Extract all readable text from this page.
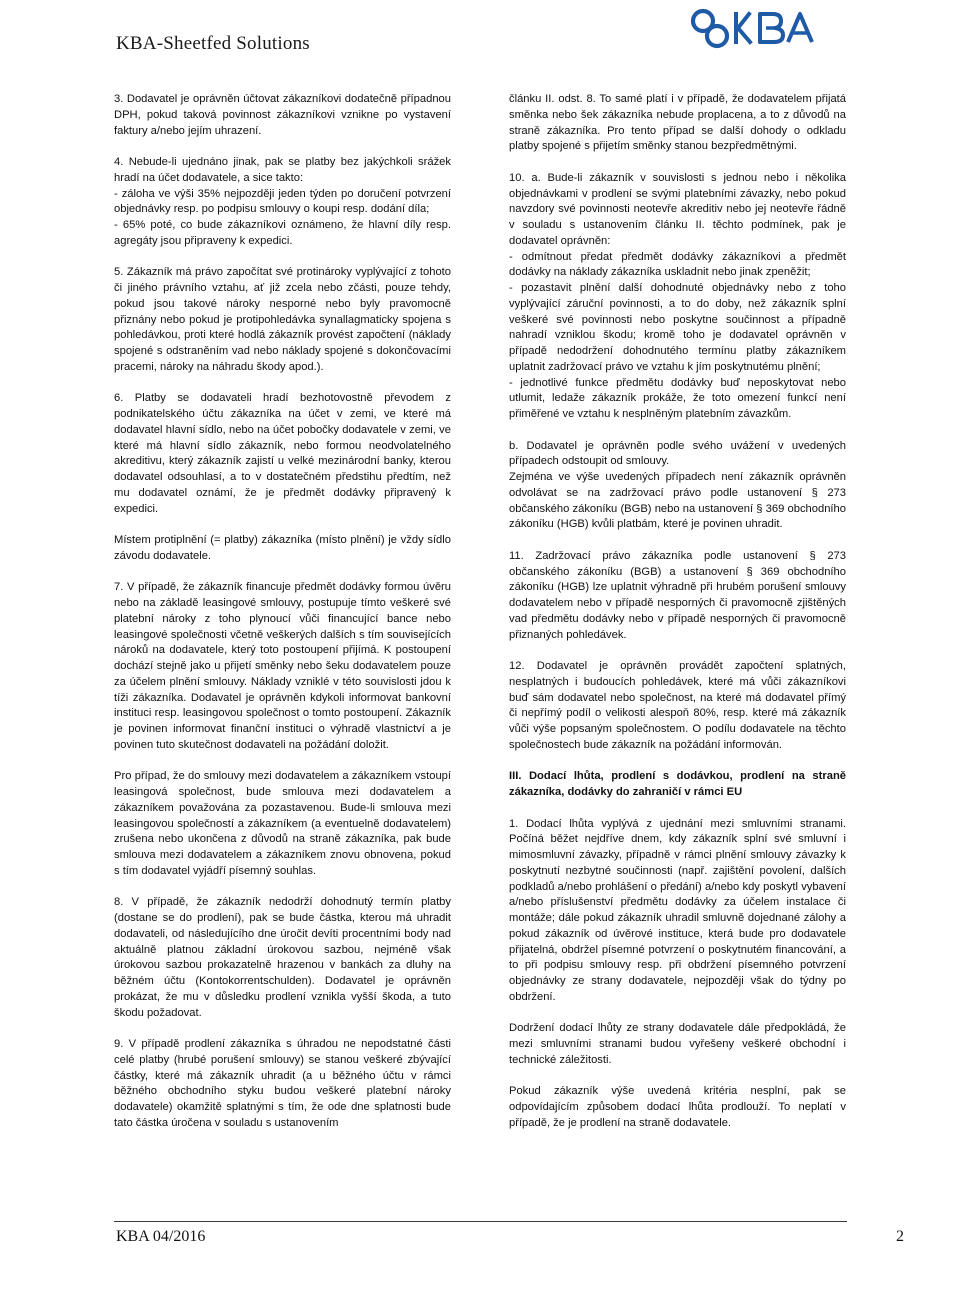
KBA-Sheetfed Solutions

3. Dodavatel je oprávněn účtovat zákazníkovi dodatečně případnou DPH, pokud taková povinnost zákazníkovi vznikne po vystavení faktury a/nebo jejím uhrazení.

4. Nebude-li ujednáno jinak, pak se platby bez jakýchkoli srážek hradí na účet dodavatele, a sice takto:
- záloha ve výši 35% nejpozději jeden týden po doručení potvrzení objednávky resp. po podpisu smlouvy o koupi resp. dodání díla;
- 65% poté, co bude zákazníkovi oznámeno, že hlavní díly resp. agregáty jsou připraveny k expedici.

5. Zákazník má právo započítat své protinároky vyplývající z tohoto či jiného právního vztahu, ať již zcela nebo zčásti, pouze tehdy, pokud jsou takové nároky nesporné nebo byly pravomocně přiznány nebo pokud je protipohledávka synallagmaticky spojena s pohledávkou, proti které hodlá zákazník provést započtení (náklady spojené s odstraněním vad nebo náklady spojené s dokončovacími pracemi, nároky na náhradu škody apod.).

6. Platby se dodavateli hradí bezhotovostně převodem z podnikatelského účtu zákazníka na účet v zemi, ve které má dodavatel hlavní sídlo, nebo na účet pobočky dodavatele v zemi, ve které má hlavní sídlo zákazník, nebo formou neodvolatelného akreditivu, který zákazník zajistí u velké mezinárodní banky, kterou dodavatel odsouhlasí, a to v dostatečném předstihu předtím, než mu dodavatel oznámí, že je předmět dodávky připravený k expedici.

Místem protiplnění (= platby) zákazníka (místo plnění) je vždy sídlo závodu dodavatele.

7. V případě, že zákazník financuje předmět dodávky formou úvěru nebo na základě leasingové smlouvy, postupuje tímto veškeré své platební nároky z toho plynoucí vůči financující bance nebo leasingové společnosti včetně veškerých dalších s tím souvisejících nároků na dodavatele, který toto postoupení přijímá. K postoupení dochází stejně jako u přijetí směnky nebo šeku dodavatelem pouze za účelem plnění smlouvy. Náklady vzniklé v této souvislosti jdou k tíži zákazníka. Dodavatel je oprávněn kdykoli informovat bankovní instituci resp. leasingovou společnost o tomto postoupení. Zákazník je povinen informovat finanční instituci o výhradě vlastnictví a je povinen tuto skutečnost dodavateli na požádání doložit.

Pro případ, že do smlouvy mezi dodavatelem a zákazníkem vstoupí leasingová společnost, bude smlouva mezi dodavatelem a zákazníkem považována za pozastavenou. Bude-li smlouva mezi leasingovou společností a zákazníkem (a eventuelně dodavatelem) zrušena nebo ukončena z důvodů na straně zákazníka, pak bude smlouva mezi dodavatelem a zákazníkem znovu obnovena, pokud s tím dodavatel vyjádří písemný souhlas.

8. V případě, že zákazník nedodrží dohodnutý termín platby (dostane se do prodlení), pak se bude částka, kterou má uhradit dodavateli, od následujícího dne úročit devíti procentními body nad aktuálně platnou základní úrokovou sazbou, nejméně však úrokovou sazbou prokazatelně hrazenou v bankách za dluhy na běžném účtu (Kontokorrentschulden). Dodavatel je oprávněn prokázat, že mu v důsledku prodlení vznikla vyšší škoda, a tuto škodu požadovat.

9. V případě prodlení zákazníka s úhradou ne nepodstatné části celé platby (hrubé porušení smlouvy) se stanou veškeré zbývající částky, které má zákazník uhradit (a u běžného účtu v rámci běžného obchodního styku budou veškeré platební nároky dodavatele) okamžitě splatnými s tím, že ode dne splatnosti bude tato částka úročena v souladu s ustanovením

článku II. odst. 8. To samé platí i v případě, že dodavatelem přijatá směnka nebo šek zákazníka nebude proplacena, a to z důvodů na straně zákazníka. Pro tento případ se další dohody o odkladu platby spojené s přijetím směnky stanou bezpředmětnými.

10. a. Bude-li zákazník v souvislosti s jednou nebo i několika objednávkami v prodlení se svými platebními závazky, nebo pokud navzdory své povinnosti neotevře akreditiv nebo jej neotevře řádně v souladu s ustanovením článku II. těchto podmínek, pak je dodavatel oprávněn:
- odmítnout předat předmět dodávky zákazníkovi a předmět dodávky na náklady zákazníka uskladnit nebo jinak zpeněžit;
- pozastavit plnění další dohodnuté objednávky nebo z toho vyplývající záruční povinnosti, a to do doby, než zákazník splní veškeré své povinnosti nebo poskytne součinnost a případně nahradí vzniklou škodu; kromě toho je dodavatel oprávněn v případě nedodržení dohodnutého termínu platby zákazníkem uplatnit zadržovací právo ve vztahu k jím poskytnutému plnění;
- jednotlivé funkce předmětu dodávky buď neposkytovat nebo utlumit, ledaže zákazník prokáže, že toto omezení funkcí není přiměřené ve vztahu k nesplněným platebním závazkům.

b. Dodavatel je oprávněn podle svého uvážení v uvedených případech odstoupit od smlouvy.
Zejména ve výše uvedených případech není zákazník oprávněn odvolávat se na zadržovací právo podle ustanovení § 273 občanského zákoníku (BGB) nebo na ustanovení § 369 obchodního zákoníku (HGB) kvůli platbám, které je povinen uhradit.

11. Zadržovací právo zákazníka podle ustanovení § 273 občanského zákoníku (BGB) a ustanovení § 369 obchodního zákoníku (HGB) lze uplatnit výhradně při hrubém porušení smlouvy dodavatelem nebo v případě nesporných či pravomocně zjištěných vad předmětu dodávky nebo v případě nesporných či pravomocně přiznaných pohledávek.

12. Dodavatel je oprávněn provádět započtení splatných, nesplatných i budoucích pohledávek, které má vůči zákazníkovi buď sám dodavatel nebo společnost, na které má dodavatel přímý či nepřímý podíl o velikosti alespoň 80%, resp. které má zákazník vůči výše popsaným společnostem. O podílu dodavatele na těchto společnostech bude zákazník na požádání informován.

III. Dodací lhůta, prodlení s dodávkou, prodlení na straně zákazníka, dodávky do zahraničí v rámci EU

1. Dodací lhůta vyplývá z ujednání mezi smluvními stranami. Počíná běžet nejdříve dnem, kdy zákazník splní své smluvní i mimosmluvní závazky, případně v rámci plnění smlouvy závazky k poskytnutí nezbytné součinnosti (např. zajištění povolení, dalších podkladů a/nebo prohlášení o předání) a/nebo kdy poskytl vybavení a/nebo příslušenství předmětu dodávky za účelem instalace či montáže; dále pokud zákazník uhradil smluvně dojednané zálohy a pokud zákazník od úvěrové instituce, která bude pro dodavatele přijatelná, obdržel písemné potvrzení o poskytnutém financování, a to při podpisu smlouvy resp. při obdržení písemného potvrzení objednávky ze strany dodavatele, nejpozději však do týdny po obdržení.

Dodržení dodací lhůty ze strany dodavatele dále předpokládá, že mezi smluvními stranami budou vyřešeny veškeré obchodní i technické záležitosti.

Pokud zákazník výše uvedená kritéria nesplní, pak se odpovídajícím způsobem dodací lhůta prodlouží. To neplatí v případě, že je prodlení na straně dodavatele.

KBA 04/2016	2
